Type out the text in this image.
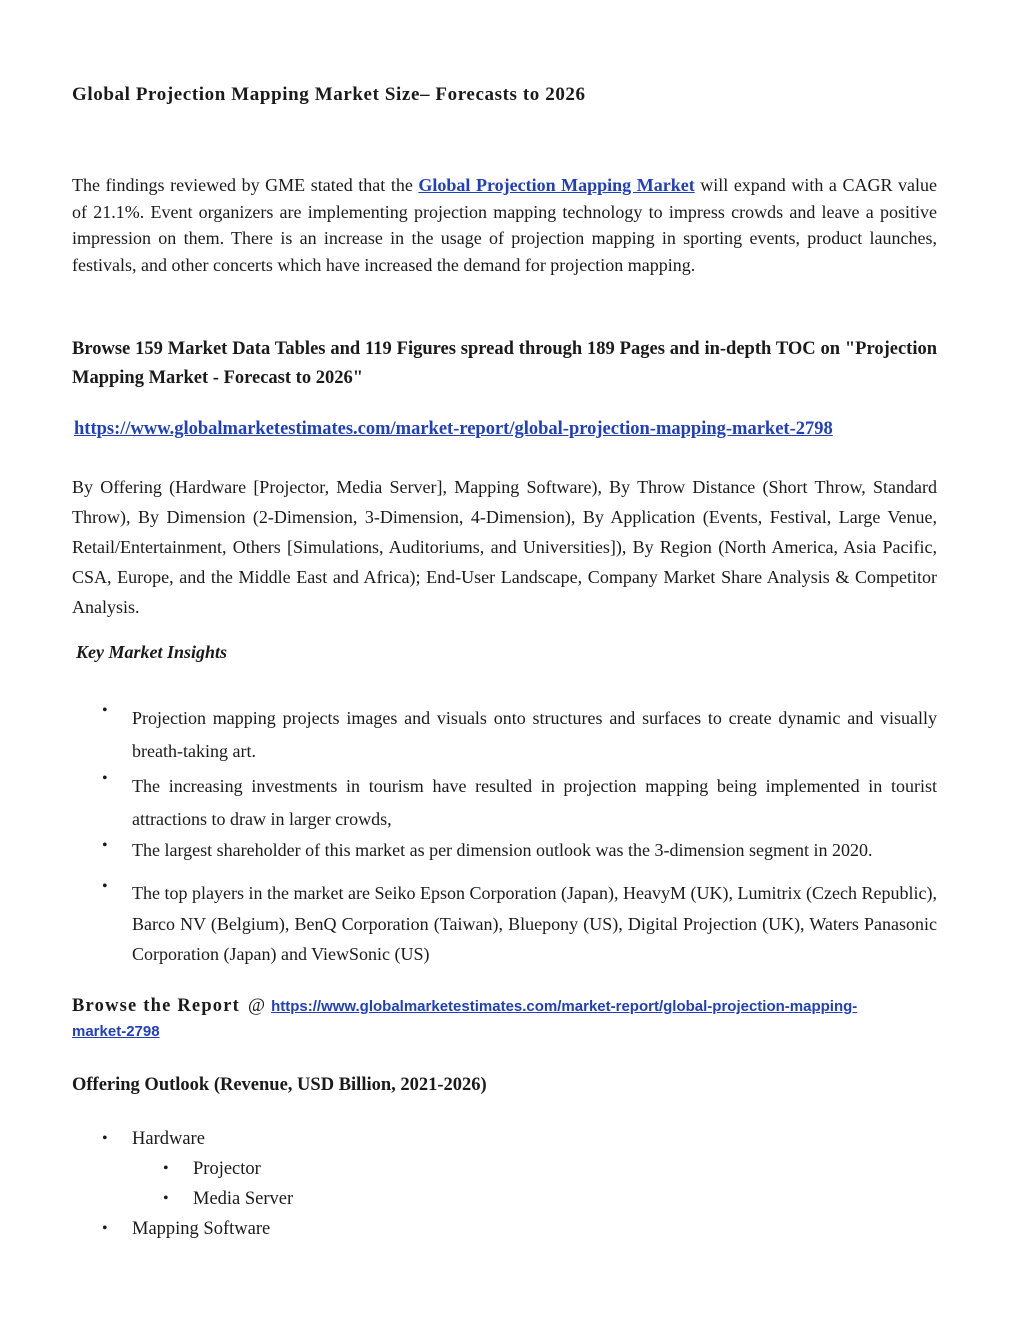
Global Projection Mapping Market Size– Forecasts to 2026

The findings reviewed by GME stated that the Global Projection Mapping Market will expand with a CAGR value of 21.1%. Event organizers are implementing projection mapping technology to impress crowds and leave a positive impression on them. There is an increase in the usage of projection mapping in sporting events, product launches, festivals, and other concerts which have increased the demand for projection mapping.

Browse 159 Market Data Tables and 119 Figures spread through 189 Pages and in-depth TOC on "Projection Mapping Market - Forecast to 2026"

https://www.globalmarketestimates.com/market-report/global-projection-mapping-market-2798

By Offering (Hardware [Projector, Media Server], Mapping Software), By Throw Distance (Short Throw, Standard Throw), By Dimension (2-Dimension, 3-Dimension, 4-Dimension), By Application (Events, Festival, Large Venue, Retail/Entertainment, Others [Simulations, Auditoriums, and Universities]), By Region (North America, Asia Pacific, CSA, Europe, and the Middle East and Africa); End-User Landscape, Company Market Share Analysis & Competitor Analysis.

Key Market Insights
• Projection mapping projects images and visuals onto structures and surfaces to create dynamic and visually breath-taking art.
• The increasing investments in tourism have resulted in projection mapping being implemented in tourist attractions to draw in larger crowds,
• The largest shareholder of this market as per dimension outlook was the 3-dimension segment in 2020.
• The top players in the market are Seiko Epson Corporation (Japan), HeavyM (UK), Lumitrix (Czech Republic), Barco NV (Belgium), BenQ Corporation (Taiwan), Bluepony (US), Digital Projection (UK), Waters Panasonic Corporation (Japan) and ViewSonic (US)

Browse the Report @ https://www.globalmarketestimates.com/market-report/global-projection-mapping-

market-2798
Offering Outlook (Revenue, USD Billion, 2021-2026)
• Hardware
• Projector
• Media Server
• Mapping Software
